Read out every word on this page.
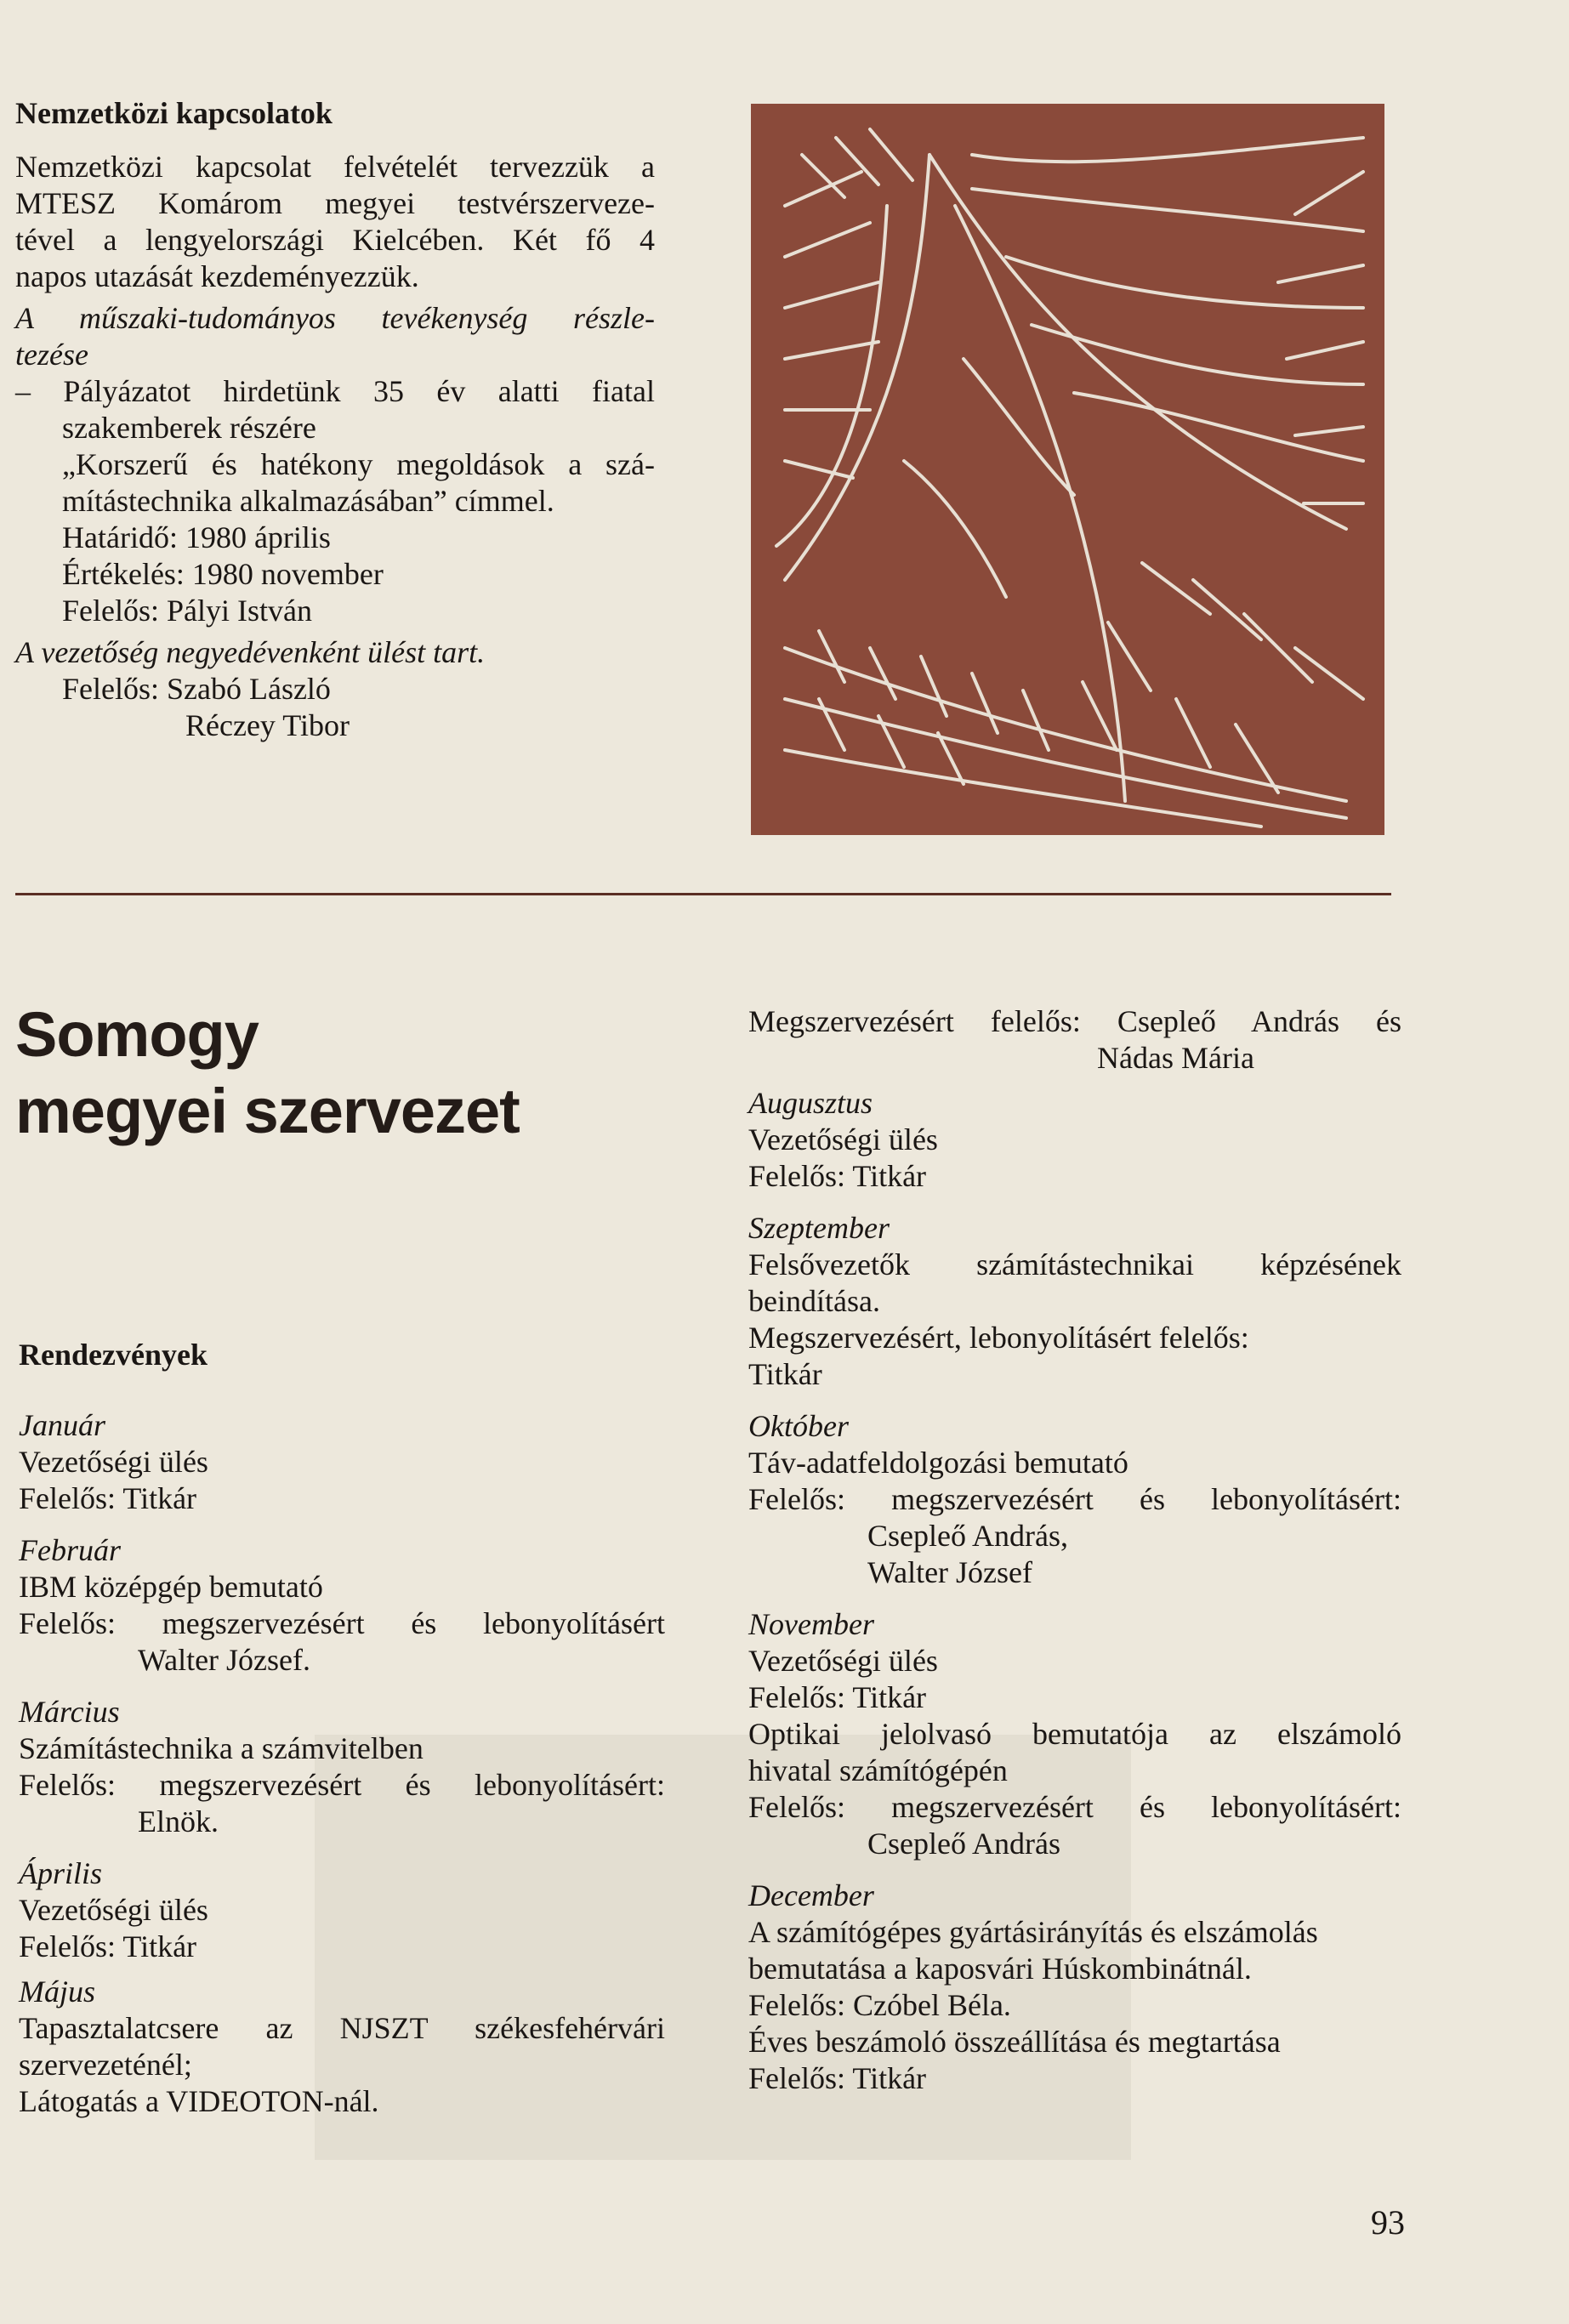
Nemzetközi kapcsolatok

Nemzetközi kapcsolat felvételét tervezzük a

MTESZ Komárom megyei testvérszerveze-

tével a lengyelországi Kielcében. Két fő 4

napos utazását kezdeményezzük.

A műszaki-tudományos tevékenység részle-

tezése

– Pályázatot hirdetünk 35 év alatti fiatal

szakemberek részére

„Korszerű és hatékony megoldások a szá-

mítástechnika alkalmazásában” címmel.

Határidő: 1980 április

Értékelés: 1980 november

Felelős: Pályi István

A vezetőség negyedévenként ülést tart.

Felelős: Szabó László

Réczey Tibor

Somogy
megyei szervezet

Rendezvények

Január

Vezetőségi ülés

Felelős: Titkár

Február

IBM középgép bemutató

Felelős: megszervezésért és lebonyolításért

Walter József.

Március

Számítástechnika a számvitelben

Felelős: megszervezésért és lebonyolításért:

Elnök.

Április

Vezetőségi ülés

Felelős: Titkár

Május

Tapasztalatcsere az NJSZT székesfehérvári

szervezeténél;

Látogatás a VIDEOTON-nál.

Megszervezésért felelős: Csepleő András és

Nádas Mária

Augusztus

Vezetőségi ülés

Felelős: Titkár

Szeptember

Felsővezetők számítástechnikai képzésének

beindítása.

Megszervezésért, lebonyolításért felelős:

Titkár

Október

Táv-adatfeldolgozási bemutató

Felelős: megszervezésért és lebonyolításért:

Csepleő András,

Walter József

November

Vezetőségi ülés

Felelős: Titkár

Optikai jelolvasó bemutatója az elszámoló

hivatal számítógépén

Felelős: megszervezésért és lebonyolításért:

Csepleő András

December

A számítógépes gyártásirányítás és elszámolás

bemutatása a kaposvári Húskombinátnál.

Felelős: Czóbel Béla.

Éves beszámoló összeállítása és megtartása

Felelős: Titkár

93
